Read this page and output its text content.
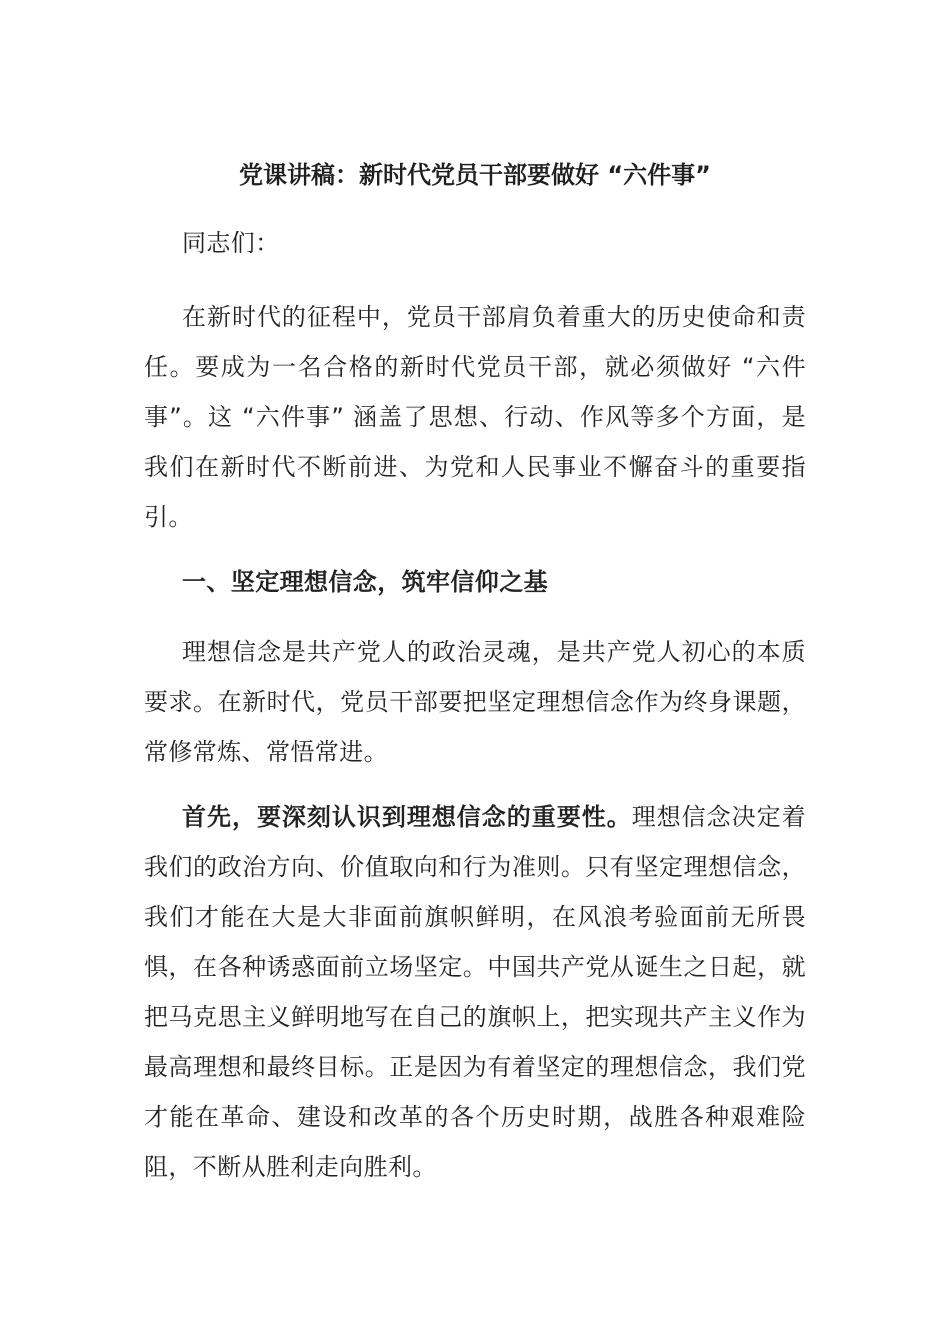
党课讲稿：新时代党员干部要做好 “六件事”

同志们：

在新时代的征程中，党员干部肩负着重大的历史使命和责任。要成为一名合格的新时代党员干部，就必须做好 “六件事”。这 “六件事” 涵盖了思想、行动、作风等多个方面，是我们在新时代不断前进、为党和人民事业不懈奋斗的重要指引。

一、坚定理想信念，筑牢信仰之基

理想信念是共产党人的政治灵魂，是共产党人初心的本质要求。在新时代，党员干部要把坚定理想信念作为终身课题，常修常炼、常悟常进。

首先，要深刻认识到理想信念的重要性。理想信念决定着我们的政治方向、价值取向和行为准则。只有坚定理想信念，我们才能在大是大非面前旗帜鲜明，在风浪考验面前无所畏惧，在各种诱惑面前立场坚定。中国共产党从诞生之日起，就把马克思主义鲜明地写在自己的旗帜上，把实现共产主义作为最高理想和最终目标。正是因为有着坚定的理想信念，我们党才能在革命、建设和改革的各个历史时期，战胜各种艰难险阻，不断从胜利走向胜利。
